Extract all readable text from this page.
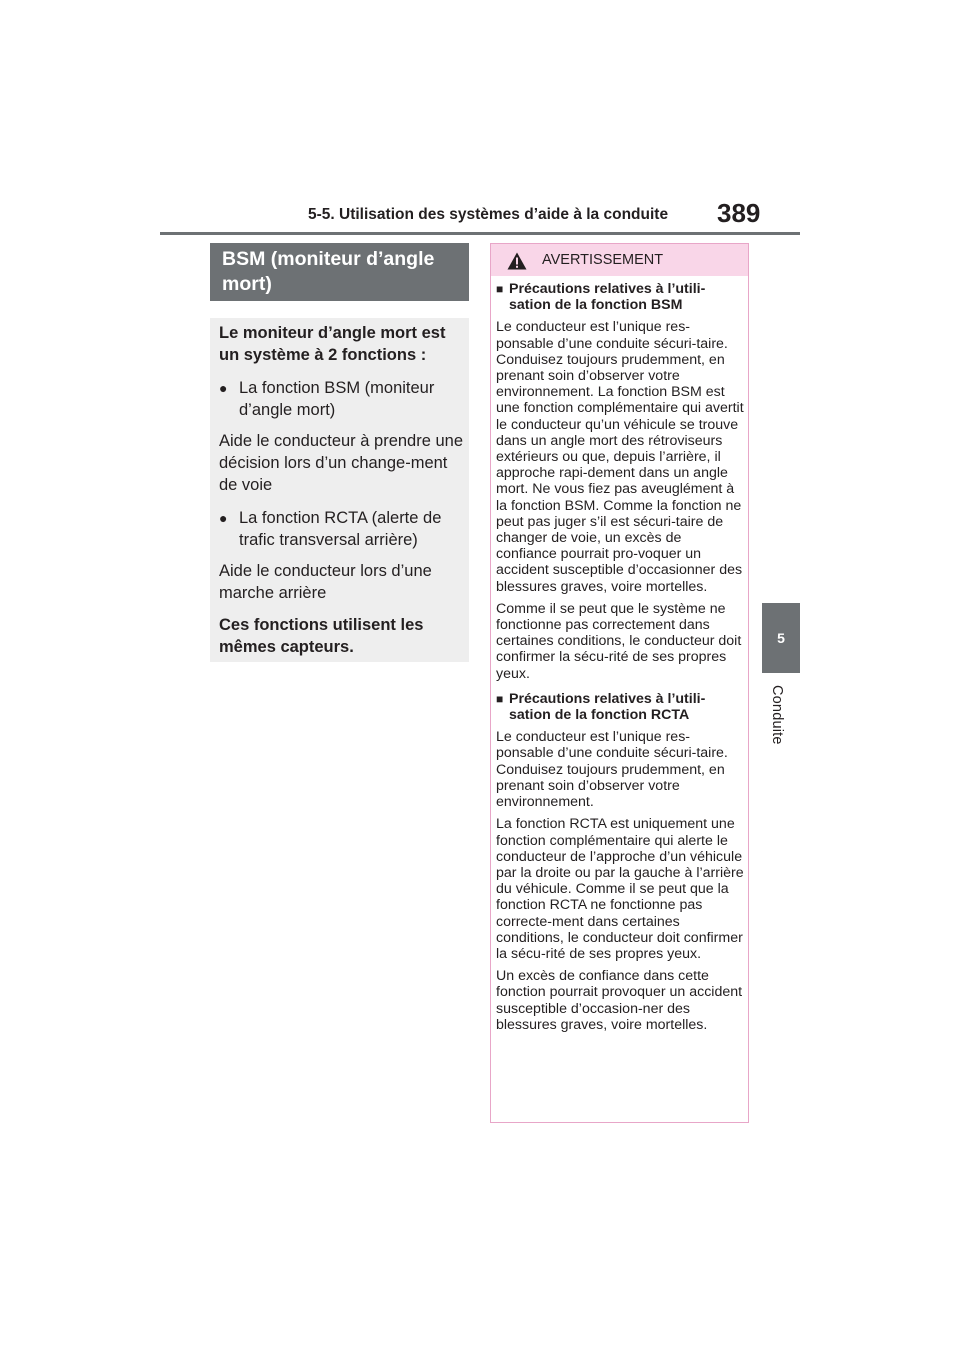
5-5. Utilisation des systèmes d’aide à la conduite 389
5
Conduite
BSM (moniteur d’angle mort)

Le moniteur d’angle mort est un système à 2 fonctions :

● La fonction BSM (moniteur d’angle mort)

Aide le conducteur à prendre une décision lors d’un change-ment de voie

● La fonction RCTA (alerte de trafic transversal arrière)

Aide le conducteur lors d’une marche arrière

Ces fonctions utilisent les mêmes capteurs.

AVERTISSEMENT
■ Précautions relatives à l’utili-sation de la fonction BSM

Le conducteur est l’unique res-ponsable d’une conduite sécuri-taire. Conduisez toujours prudemment, en prenant soin d’observer votre environnement. La fonction BSM est une fonction complémentaire qui avertit le conducteur qu’un véhicule se trouve dans un angle mort des rétroviseurs extérieurs ou que, depuis l’arrière, il approche rapi-dement dans un angle mort. Ne vous fiez pas aveuglément à la fonction BSM. Comme la fonction ne peut pas juger s’il est sécuri-taire de changer de voie, un excès de confiance pourrait pro-voquer un accident susceptible d’occasionner des blessures graves, voire mortelles.

Comme il se peut que le système ne fonctionne pas correctement dans certaines conditions, le conducteur doit confirmer la sécu-rité de ses propres yeux.

■ Précautions relatives à l’utili-sation de la fonction RCTA

Le conducteur est l’unique res-ponsable d’une conduite sécuri-taire. Conduisez toujours prudemment, en prenant soin d’observer votre environnement.

La fonction RCTA est uniquement une fonction complémentaire qui alerte le conducteur de l’approche d’un véhicule par la droite ou par la gauche à l’arrière du véhicule. Comme il se peut que la fonction RCTA ne fonctionne pas correcte-ment dans certaines conditions, le conducteur doit confirmer la sécu-rité de ses propres yeux.

Un excès de confiance dans cette fonction pourrait provoquer un accident susceptible d’occasion-ner des blessures graves, voire mortelles.
